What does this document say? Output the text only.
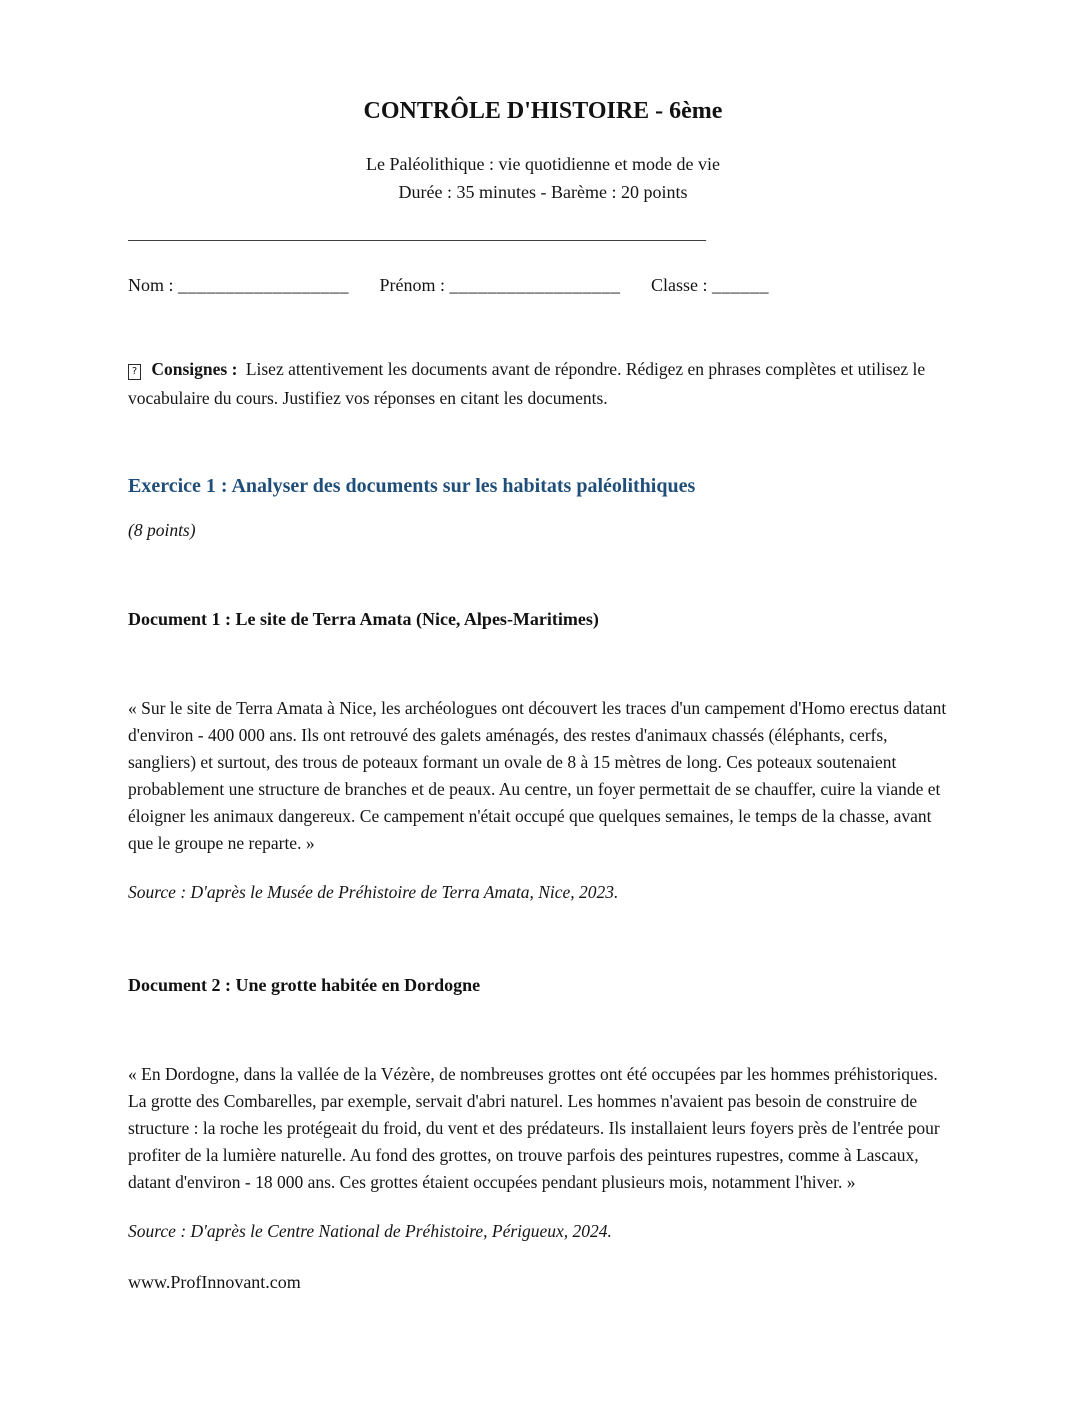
CONTRÔLE D'HISTOIRE - 6ème
Le Paléolithique : vie quotidienne et mode de vie
Durée : 35 minutes - Barème : 20 points
____________________________________________________________________
Nom : __________________ Prénom : __________________ Classe : ______

? Consignes : Lisez attentivement les documents avant de répondre. Rédigez en phrases complètes et utilisez le vocabulaire du cours. Justifiez vos réponses en citant les documents.

Exercice 1 : Analyser des documents sur les habitats paléolithiques

(8 points)

Document 1 : Le site de Terra Amata (Nice, Alpes-Maritimes)

« Sur le site de Terra Amata à Nice, les archéologues ont découvert les traces d'un campement d'Homo erectus datant d'environ - 400 000 ans. Ils ont retrouvé des galets aménagés, des restes d'animaux chassés (éléphants, cerfs, sangliers) et surtout, des trous de poteaux formant un ovale de 8 à 15 mètres de long. Ces poteaux soutenaient probablement une structure de branches et de peaux. Au centre, un foyer permettait de se chauffer, cuire la viande et éloigner les animaux dangereux. Ce campement n'était occupé que quelques semaines, le temps de la chasse, avant que le groupe ne reparte. »

Source : D'après le Musée de Préhistoire de Terra Amata, Nice, 2023.

Document 2 : Une grotte habitée en Dordogne

« En Dordogne, dans la vallée de la Vézère, de nombreuses grottes ont été occupées par les hommes préhistoriques. La grotte des Combarelles, par exemple, servait d'abri naturel. Les hommes n'avaient pas besoin de construire de structure : la roche les protégeait du froid, du vent et des prédateurs. Ils installaient leurs foyers près de l'entrée pour profiter de la lumière naturelle. Au fond des grottes, on trouve parfois des peintures rupestres, comme à Lascaux, datant d'environ - 18 000 ans. Ces grottes étaient occupées pendant plusieurs mois, notamment l'hiver. »

Source : D'après le Centre National de Préhistoire, Périgueux, 2024.

www.ProfInnovant.com
